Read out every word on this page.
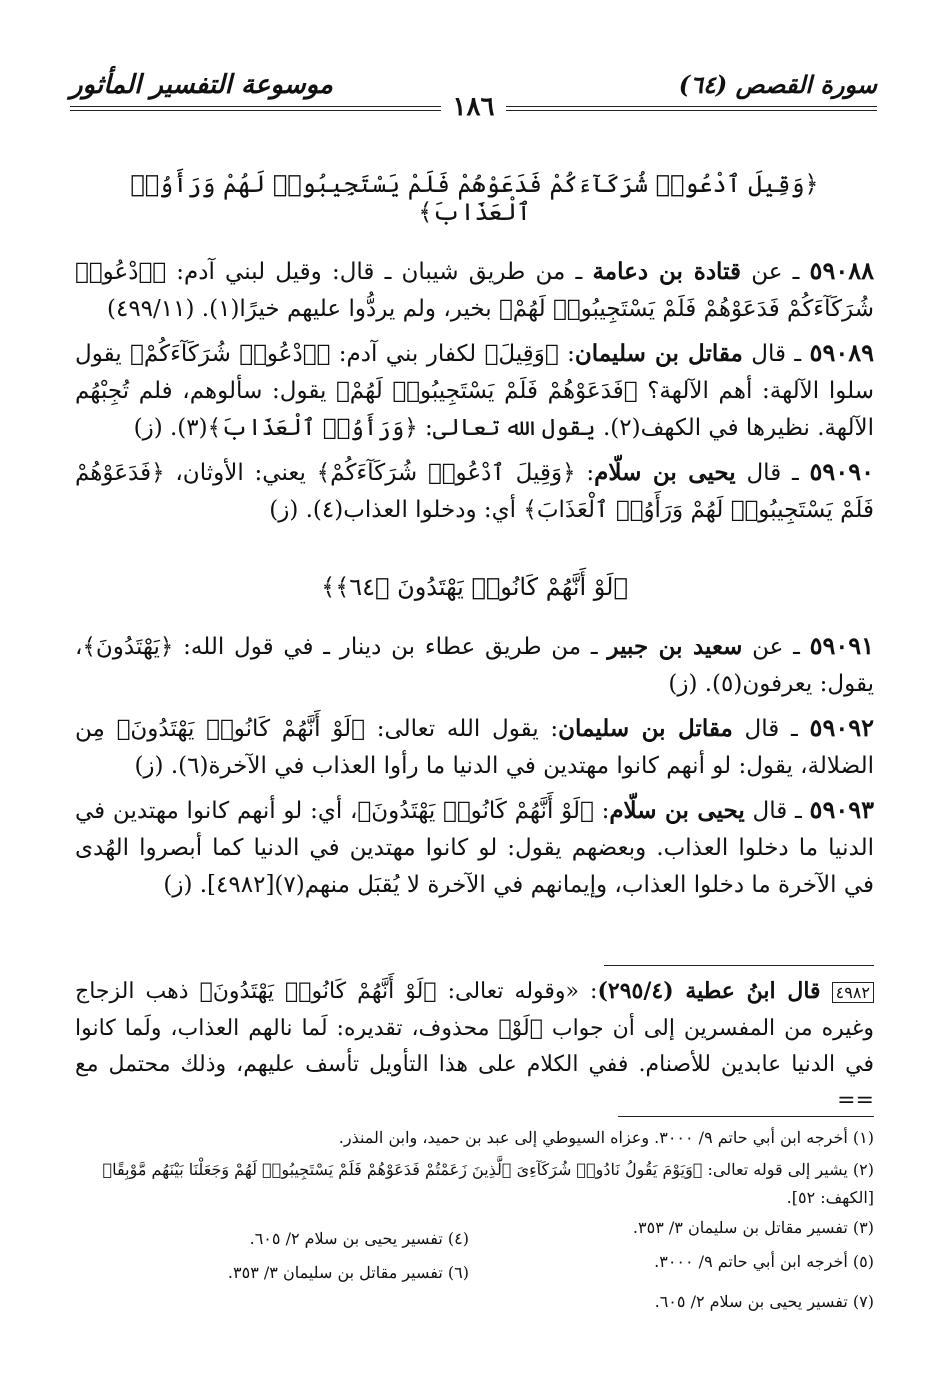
موسوعة التفسير المأثور	سورة القصص (٦٤)
١٨٦
﴿وَقِيلَ ٱدْعُوا۟ شُرَكَآءَكُمْ فَدَعَوْهُمْ فَلَمْ يَسْتَجِيبُوا۟ لَهُمْ وَرَأَوُا۟ ٱلْعَذَابَ﴾

٥٩٠٨٨ ـ عن قتادة بن دعامة ـ من طريق شيبان ـ قال: وقيل لبني آدم: ﴿ٱدْعُوا۟ شُرَكَآءَكُمْ فَدَعَوْهُمْ فَلَمْ يَسْتَجِيبُوا۟ لَهُمْ﴾ بخير، ولم يردُّوا عليهم خيرًا(١). (٤٩٩/١١)

٥٩٠٨٩ ـ قال مقاتل بن سليمان: ﴿وَقِيلَ﴾ لكفار بني آدم: ﴿ٱدْعُوا۟ شُرَكَآءَكُمْ﴾ يقول سلوا الآلهة: أهم الآلهة؟ ﴿فَدَعَوْهُمْ فَلَمْ يَسْتَجِيبُوا۟ لَهُمْ﴾ يقول: سألوهم، فلم تُجِبْهُم الآلهة. نظيرها في الكهف(٢). يقول الله تعالى: ﴿وَرَأَوُا۟ ٱلْعَذَابَ﴾(٣). (ز)

٥٩٠٩٠ ـ قال يحيى بن سلّام: ﴿وَقِيلَ ٱدْعُوا۟ شُرَكَآءَكُمْ﴾ يعني: الأوثان، ﴿فَدَعَوْهُمْ فَلَمْ يَسْتَجِيبُوا۟ لَهُمْ وَرَأَوُا۟ ٱلْعَذَابَ﴾ أي: ودخلوا العذاب(٤). (ز)

﴿لَوْ أَنَّهُمْ كَانُوا۟ يَهْتَدُونَ ﴿٦٤﴾﴾

٥٩٠٩١ ـ عن سعيد بن جبير ـ من طريق عطاء بن دينار ـ في قول الله: ﴿يَهْتَدُونَ﴾، يقول: يعرفون(٥). (ز)

٥٩٠٩٢ ـ قال مقاتل بن سليمان: يقول الله تعالى: ﴿لَوْ أَنَّهُمْ كَانُوا۟ يَهْتَدُونَ﴾ مِن الضلالة، يقول: لو أنهم كانوا مهتدين في الدنيا ما رأوا العذاب في الآخرة(٦). (ز)

٥٩٠٩٣ ـ قال يحيى بن سلّام: ﴿لَوْ أَنَّهُمْ كَانُوا۟ يَهْتَدُونَ﴾، أي: لو أنهم كانوا مهتدين في الدنيا ما دخلوا العذاب. وبعضهم يقول: لو كانوا مهتدين في الدنيا كما أبصروا الهُدى في الآخرة ما دخلوا العذاب، وإيمانهم في الآخرة لا يُقبَل منهم(٧)[٤٩٨٢]. (ز)

٤٩٨٢ قال ابنُ عطية (٢٩٥/٤): «وقوله تعالى: ﴿لَوْ أَنَّهُمْ كَانُوا۟ يَهْتَدُونَ﴾ ذهب الزجاج وغيره من المفسرين إلى أن جواب ﴿لَوْ﴾ محذوف، تقديره: لَما نالهم العذاب، ولَما كانوا في الدنيا عابدين للأصنام. ففي الكلام على هذا التأويل تأسف عليهم، وذلك محتمل مع ==
(١) أخرجه ابن أبي حاتم ٩/ ٣٠٠٠. وعزاه السيوطي إلى عبد بن حميد، وابن المنذر.
(٢) يشير إلى قوله تعالى: ﴿وَيَوْمَ يَقُولُ نَادُوا۟ شُرَكَآءِىَ ٱلَّذِينَ زَعَمْتُمْ فَدَعَوْهُمْ فَلَمْ يَسْتَجِيبُوا۟ لَهُمْ وَجَعَلْنَا بَيْنَهُم مَّوْبِقًا﴾
[الكهف: ٥٢].
(٣) تفسير مقاتل بن سليمان ٣/ ٣٥٣.
(٤) تفسير يحيى بن سلام ٢/ ٦٠٥.
(٥) أخرجه ابن أبي حاتم ٩/ ٣٠٠٠.
(٦) تفسير مقاتل بن سليمان ٣/ ٣٥٣.
(٧) تفسير يحيى بن سلام ٢/ ٦٠٥.
